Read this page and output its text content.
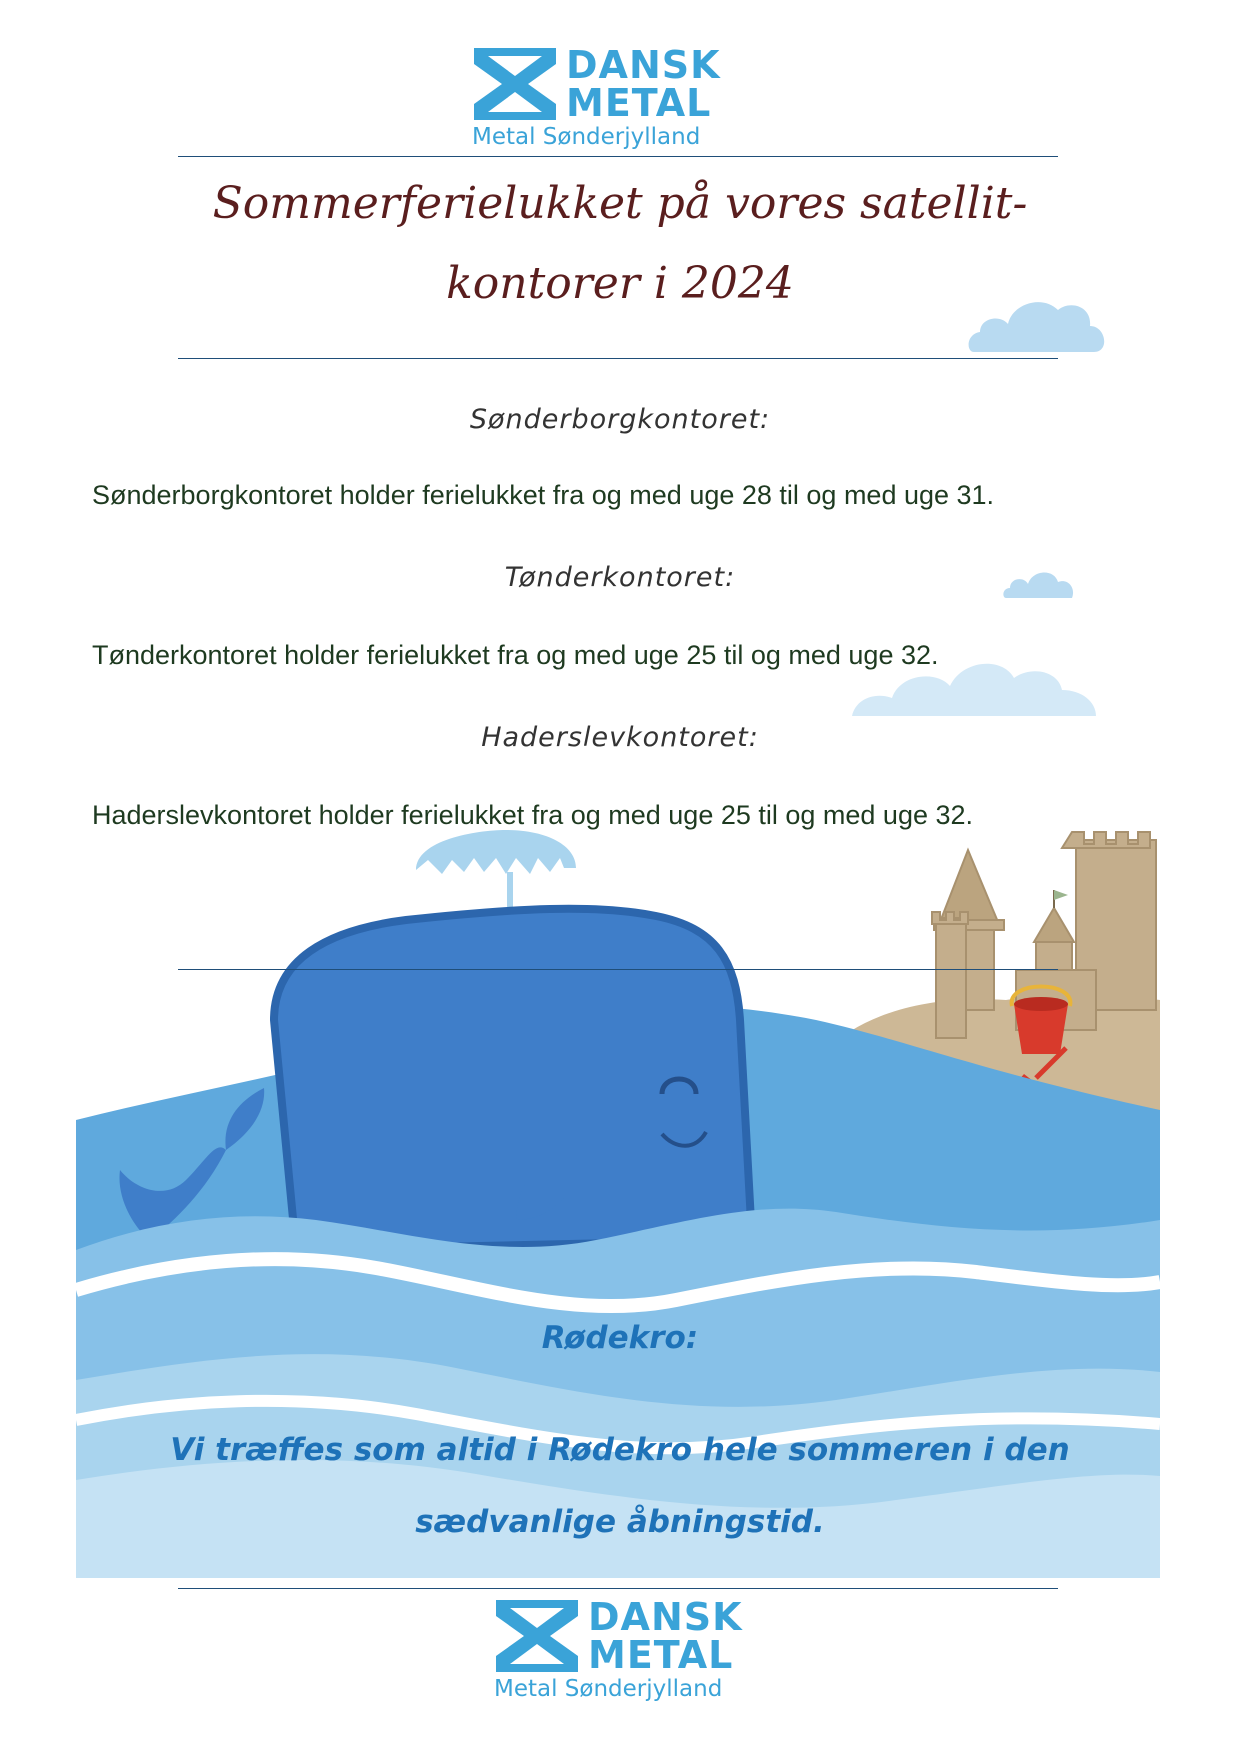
DANSK
METAL
Metal Sønderjylland
Sommerferielukket på vores satellit-
kontorer i 2024
Sønderborgkontoret:
Sønderborgkontoret holder ferielukket fra og med uge 28 til og med uge 31.
Tønderkontoret:
Tønderkontoret holder ferielukket fra og med uge 25 til og med uge 32.
Haderslevkontoret:
Haderslevkontoret holder ferielukket fra og med uge 25 til og med uge 32.
Rødekro:
Vi træffes som altid i Rødekro hele sommeren i den
sædvanlige åbningstid.
DANSK
METAL
Metal Sønderjylland
